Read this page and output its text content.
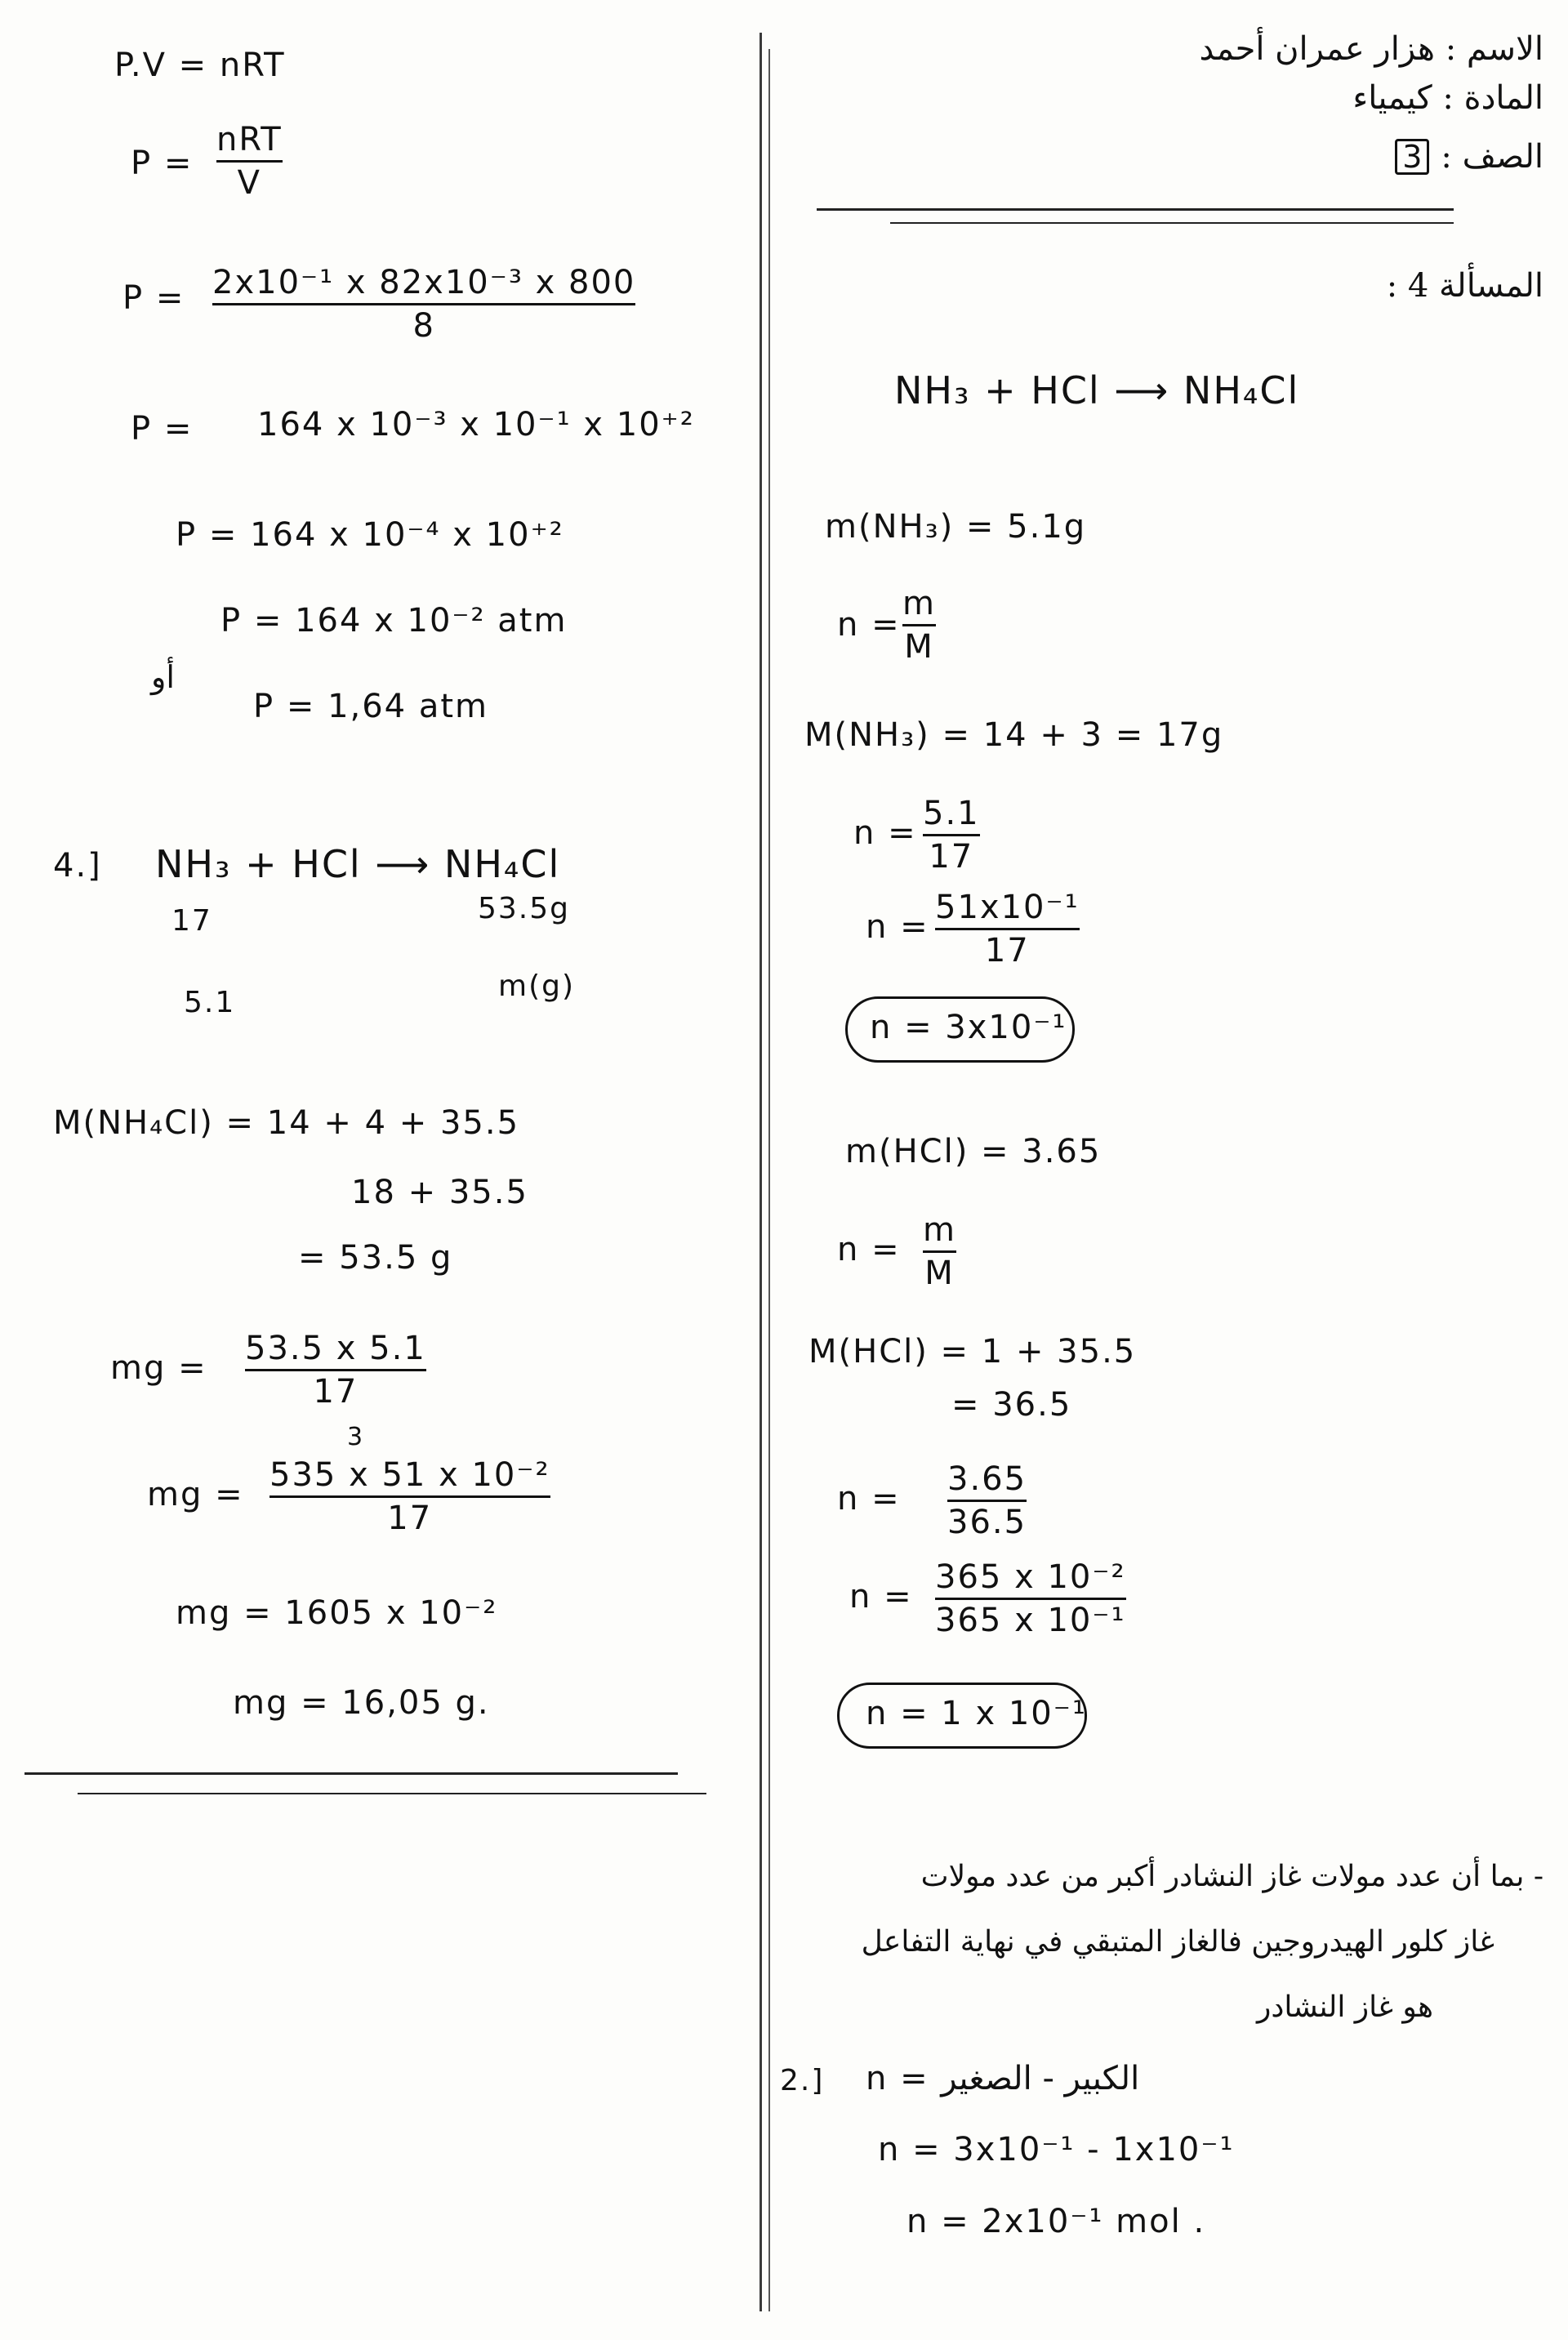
الاسم : هزار عمران أحمد
المادة : كيمياء
الصف :
3
المسألة 4 :
NH₃ + HCl ⟶ NH₄Cl
m(NH₃) = 5.1g
n =
m
M
M(NH₃) = 14 + 3 = 17g
n =
5.1
17
n =
51x10⁻¹
17
n = 3x10⁻¹
m(HCl) = 3.65
n =
m
M
M(HCl) = 1 + 35.5
= 36.5
n =
3.65
36.5
n =
365 x 10⁻²
365 x 10⁻¹
n = 1 x 10⁻¹
- بما أن عدد مولات غاز النشادر أكبر من عدد مولات
غاز كلور الهيدروجين فالغاز المتبقي في نهاية التفاعل
هو غاز النشادر
2.] n = الكبير - الصغير
n = 3x10⁻¹ - 1x10⁻¹
n = 2x10⁻¹ mol .
P.V = nRT
P =
nRT
V
P = 2x10⁻¹ x 82x10⁻³ x 800
8
P = 164 x 10⁻³ x 10⁻¹ x 10⁺²
P = 164 x 10⁻⁴ x 10⁺²
P = 164 x 10⁻² atm
أو
P = 1,64 atm
4.] NH₃ + HCl ⟶ NH₄Cl
17	53.5g
5.1	m(g)
M(NH₄Cl) = 14 + 4 + 35.5
18 + 35.5
= 53.5 g
mg =
53.5 x 5.1
17
3
mg =
535 x 51 x 10⁻²
17
mg = 1605 x 10⁻²
mg = 16,05 g.
